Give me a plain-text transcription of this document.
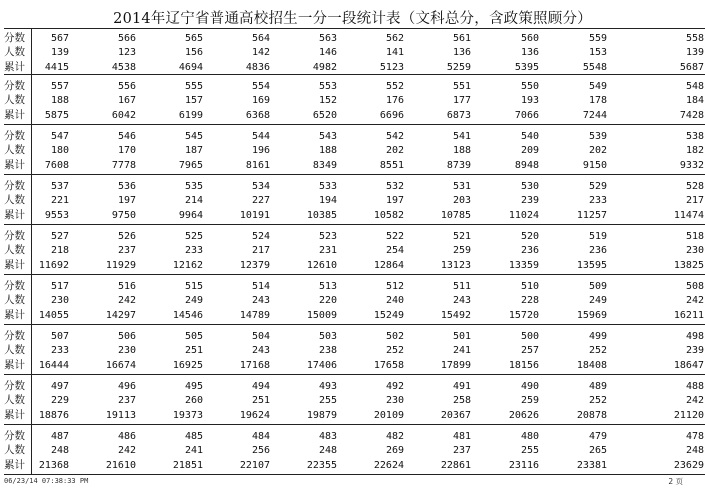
2014年辽宁省普通高校招生一分一段统计表（文科总分，含政策照顾分）
分数	567	566	565	564	563	562	561	560	559	558
人数	139	123	156	142	146	141	136	136	153	139
累计	4415	4538	4694	4836	4982	5123	5259	5395	5548	5687
分数	557	556	555	554	553	552	551	550	549	548
人数	188	167	157	169	152	176	177	193	178	184
累计	5875	6042	6199	6368	6520	6696	6873	7066	7244	7428
分数	547	546	545	544	543	542	541	540	539	538
人数	180	170	187	196	188	202	188	209	202	182
累计	7608	7778	7965	8161	8349	8551	8739	8948	9150	9332
分数	537	536	535	534	533	532	531	530	529	528
人数	221	197	214	227	194	197	203	239	233	217
累计	9553	9750	9964	10191	10385	10582	10785	11024	11257	11474
分数	527	526	525	524	523	522	521	520	519	518
人数	218	237	233	217	231	254	259	236	236	230
累计	11692	11929	12162	12379	12610	12864	13123	13359	13595	13825
分数	517	516	515	514	513	512	511	510	509	508
人数	230	242	249	243	220	240	243	228	249	242
累计	14055	14297	14546	14789	15009	15249	15492	15720	15969	16211
分数	507	506	505	504	503	502	501	500	499	498
人数	233	230	251	243	238	252	241	257	252	239
累计	16444	16674	16925	17168	17406	17658	17899	18156	18408	18647
分数	497	496	495	494	493	492	491	490	489	488
人数	229	237	260	251	255	230	258	259	252	242
累计	18876	19113	19373	19624	19879	20109	20367	20626	20878	21120
分数	487	486	485	484	483	482	481	480	479	478
人数	248	242	241	256	248	269	237	255	265	248
累计	21368	21610	21851	22107	22355	22624	22861	23116	23381	23629
06/23/14 07:38:33 PM	2 页
